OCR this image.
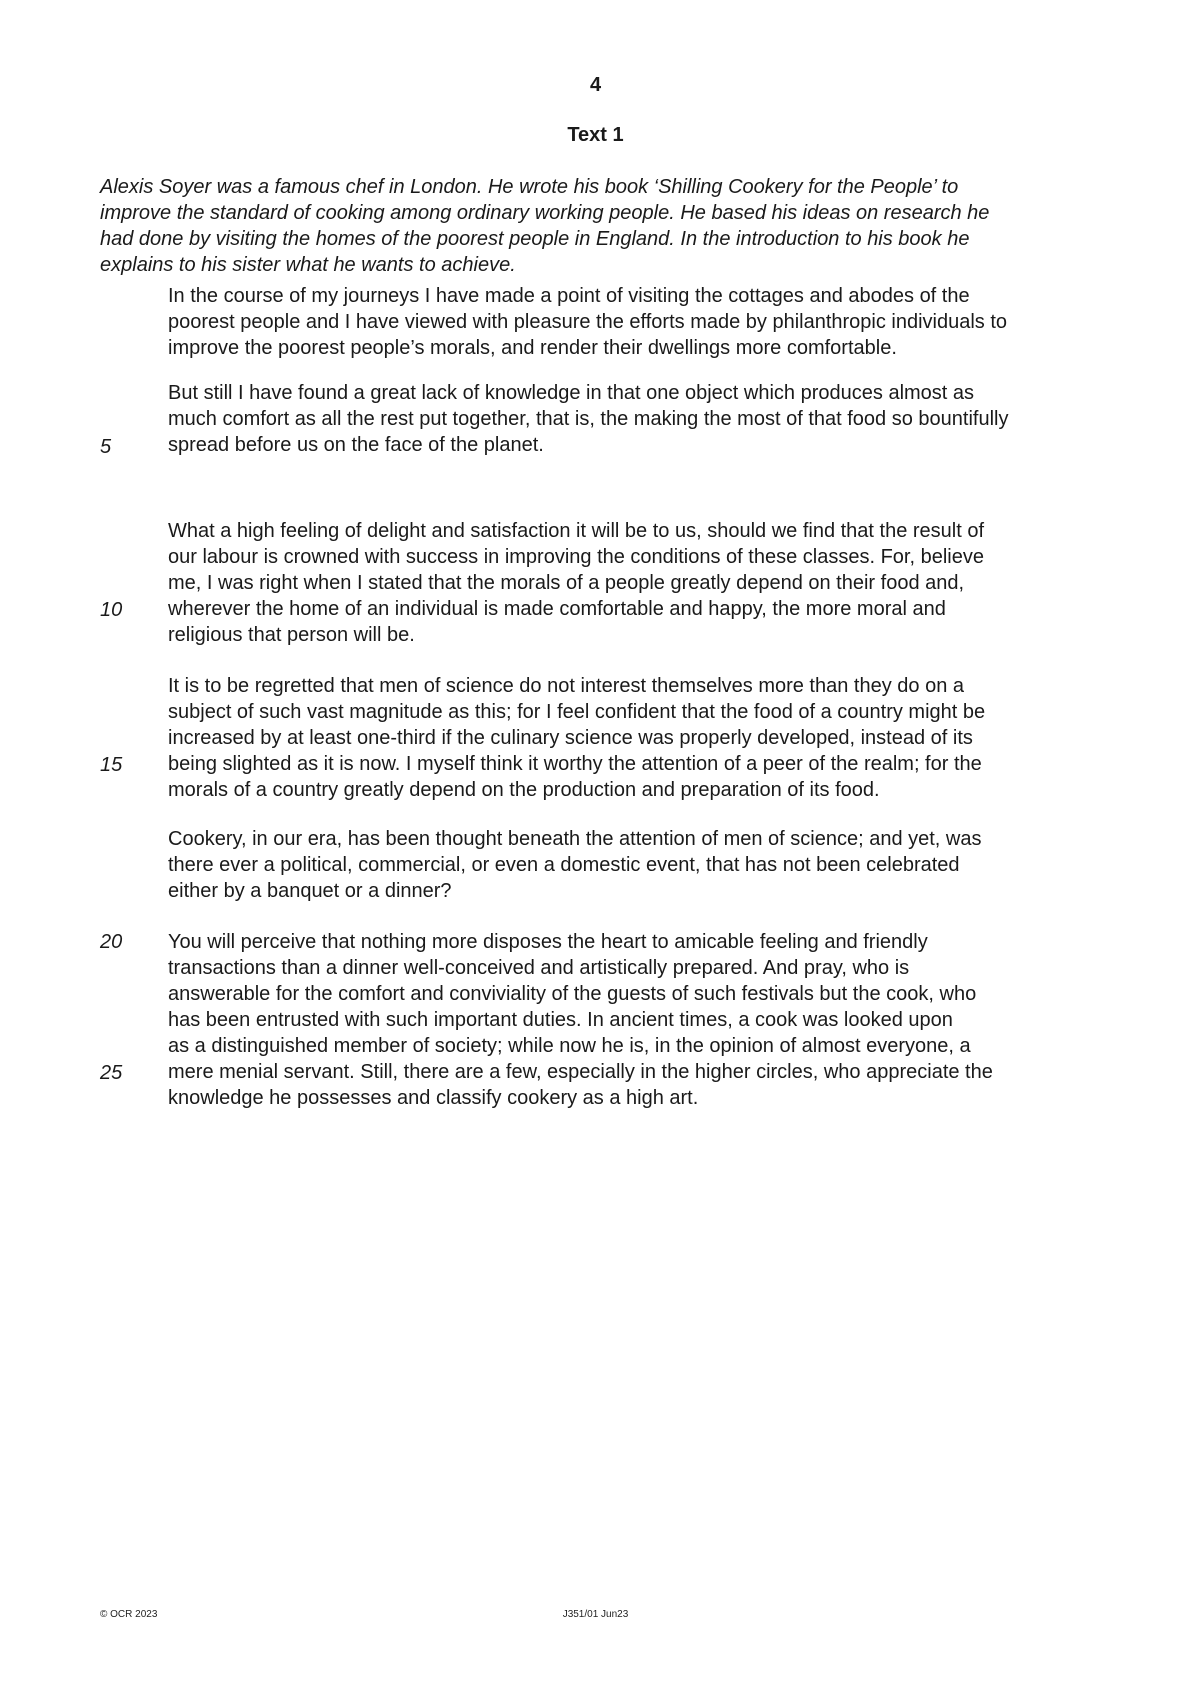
4
Text 1
Alexis Soyer was a famous chef in London. He wrote his book ‘Shilling Cookery for the People’ to
improve the standard of cooking among ordinary working people. He based his ideas on research he
had done by visiting the homes of the poorest people in England. In the introduction to his book he
explains to his sister what he wants to achieve.
In the course of my journeys I have made a point of visiting the cottages and abodes of the
poorest people and I have viewed with pleasure the efforts made by philanthropic individuals to
improve the poorest people’s morals, and render their dwellings more comfortable.
But still I have found a great lack of knowledge in that one object which produces almost as
much comfort as all the rest put together, that is, the making the most of that food so bountifully
spread before us on the face of the planet.
What a high feeling of delight and satisfaction it will be to us, should we find that the result of
our labour is crowned with success in improving the conditions of these classes. For, believe
me, I was right when I stated that the morals of a people greatly depend on their food and,
wherever the home of an individual is made comfortable and happy, the more moral and
religious that person will be.
It is to be regretted that men of science do not interest themselves more than they do on a
subject of such vast magnitude as this; for I feel confident that the food of a country might be
increased by at least one-third if the culinary science was properly developed, instead of its
being slighted as it is now. I myself think it worthy the attention of a peer of the realm; for the
morals of a country greatly depend on the production and preparation of its food.
Cookery, in our era, has been thought beneath the attention of men of science; and yet, was
there ever a political, commercial, or even a domestic event, that has not been celebrated
either by a banquet or a dinner?
You will perceive that nothing more disposes the heart to amicable feeling and friendly
transactions than a dinner well-conceived and artistically prepared. And pray, who is
answerable for the comfort and conviviality of the guests of such festivals but the cook, who
has been entrusted with such important duties. In ancient times, a cook was looked upon
as a distinguished member of society; while now he is, in the opinion of almost everyone, a
mere menial servant. Still, there are a few, especially in the higher circles, who appreciate the
knowledge he possesses and classify cookery as a high art.
5
10
15
20
25
© OCR 2023	J351/01 Jun23
